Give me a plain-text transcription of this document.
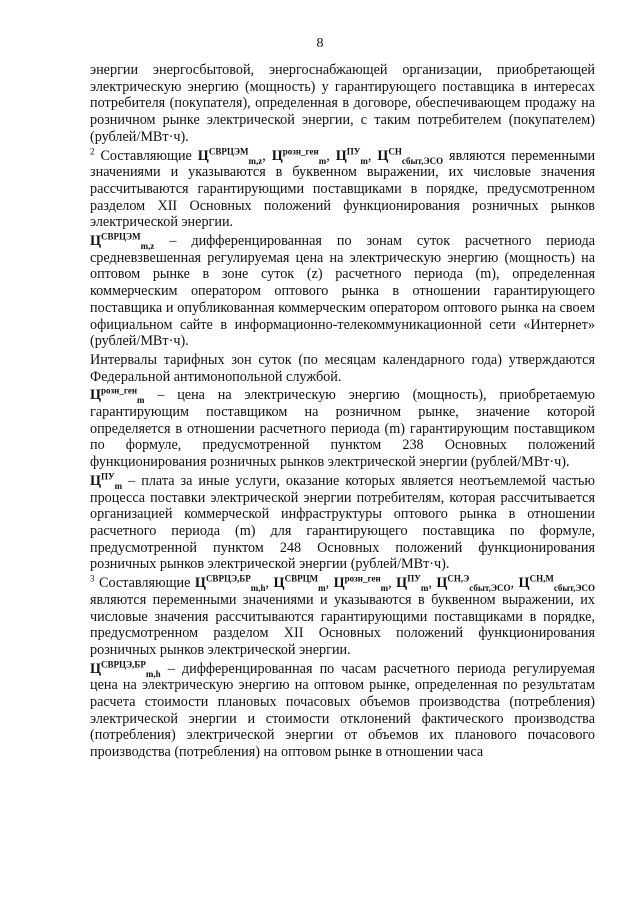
8

энергии энергосбытовой, энергоснабжающей организации, приобретающей электрическую энергию (мощность) у гарантирующего поставщика в интересах потребителя (покупателя), определенная в договоре, обеспечивающем продажу на розничном рынке электрической энергии, с таким потребителем (покупателем) (рублей/МВт·ч).

$^2$ Составляющие $Ц^{СВРЦЭМ}_{m,z}$, $Ц^{розн\_ген}_m$, $Ц^{ПУ}_m$, $Ц^{СН}_{сбыт,ЭСО}$ являются переменными значениями и указываются в буквенном выражении, их числовые значения рассчитываются гарантирующими поставщиками в порядке, предусмотренном разделом XII Основных положений функционирования розничных рынков электрической энергии.

$Ц^{СВРЦЭМ}_{m,z}$ – дифференцированная по зонам суток расчетного периода средневзвешенная регулируемая цена на электрическую энергию (мощность) на оптовом рынке в зоне суток (z) расчетного периода (m), определенная коммерческим оператором оптового рынка в отношении гарантирующего поставщика и опубликованная коммерческим оператором оптового рынка на своем официальном сайте в информационно-телекоммуникационной сети «Интернет» (рублей/МВт·ч).

Интервалы тарифных зон суток (по месяцам календарного года) утверждаются Федеральной антимонопольной службой.

$Ц^{розн\_ген}_m$ – цена на электрическую энергию (мощность), приобретаемую гарантирующим поставщиком на розничном рынке, значение которой определяется в отношении расчетного периода (m) гарантирующим поставщиком по формуле, предусмотренной пунктом 238 Основных положений функционирования розничных рынков электрической энергии (рублей/МВт·ч).

$Ц^{ПУ}_m$ – плата за иные услуги, оказание которых является неотъемлемой частью процесса поставки электрической энергии потребителям, которая рассчитывается организацией коммерческой инфраструктуры оптового рынка в отношении расчетного периода (m) для гарантирующего поставщика по формуле, предусмотренной пунктом 248 Основных положений функционирования розничных рынков электрической энергии (рублей/МВт·ч).

$^3$ Составляющие $Ц^{СВРЦЭ,БР}_{m,h}$, $Ц^{СВРЦМ}_m$, $Ц^{розн\_ген}_m$, $Ц^{ПУ}_m$, $Ц^{СН,Э}_{сбыт,ЭСО}$, $Ц^{СН,М}_{сбыт,ЭСО}$ являются переменными значениями и указываются в буквенном выражении, их числовые значения рассчитываются гарантирующими поставщиками в порядке, предусмотренном разделом XII Основных положений функционирования розничных рынков электрической энергии.

$Ц^{СВРЦЭ,БР}_{m,h}$ – дифференцированная по часам расчетного периода регулируемая цена на электрическую энергию на оптовом рынке, определенная по результатам расчета стоимости плановых почасовых объемов производства (потребления) электрической энергии и стоимости отклонений фактического производства (потребления) электрической энергии от объемов их планового почасового производства (потребления) на оптовом рынке в отношении часа
